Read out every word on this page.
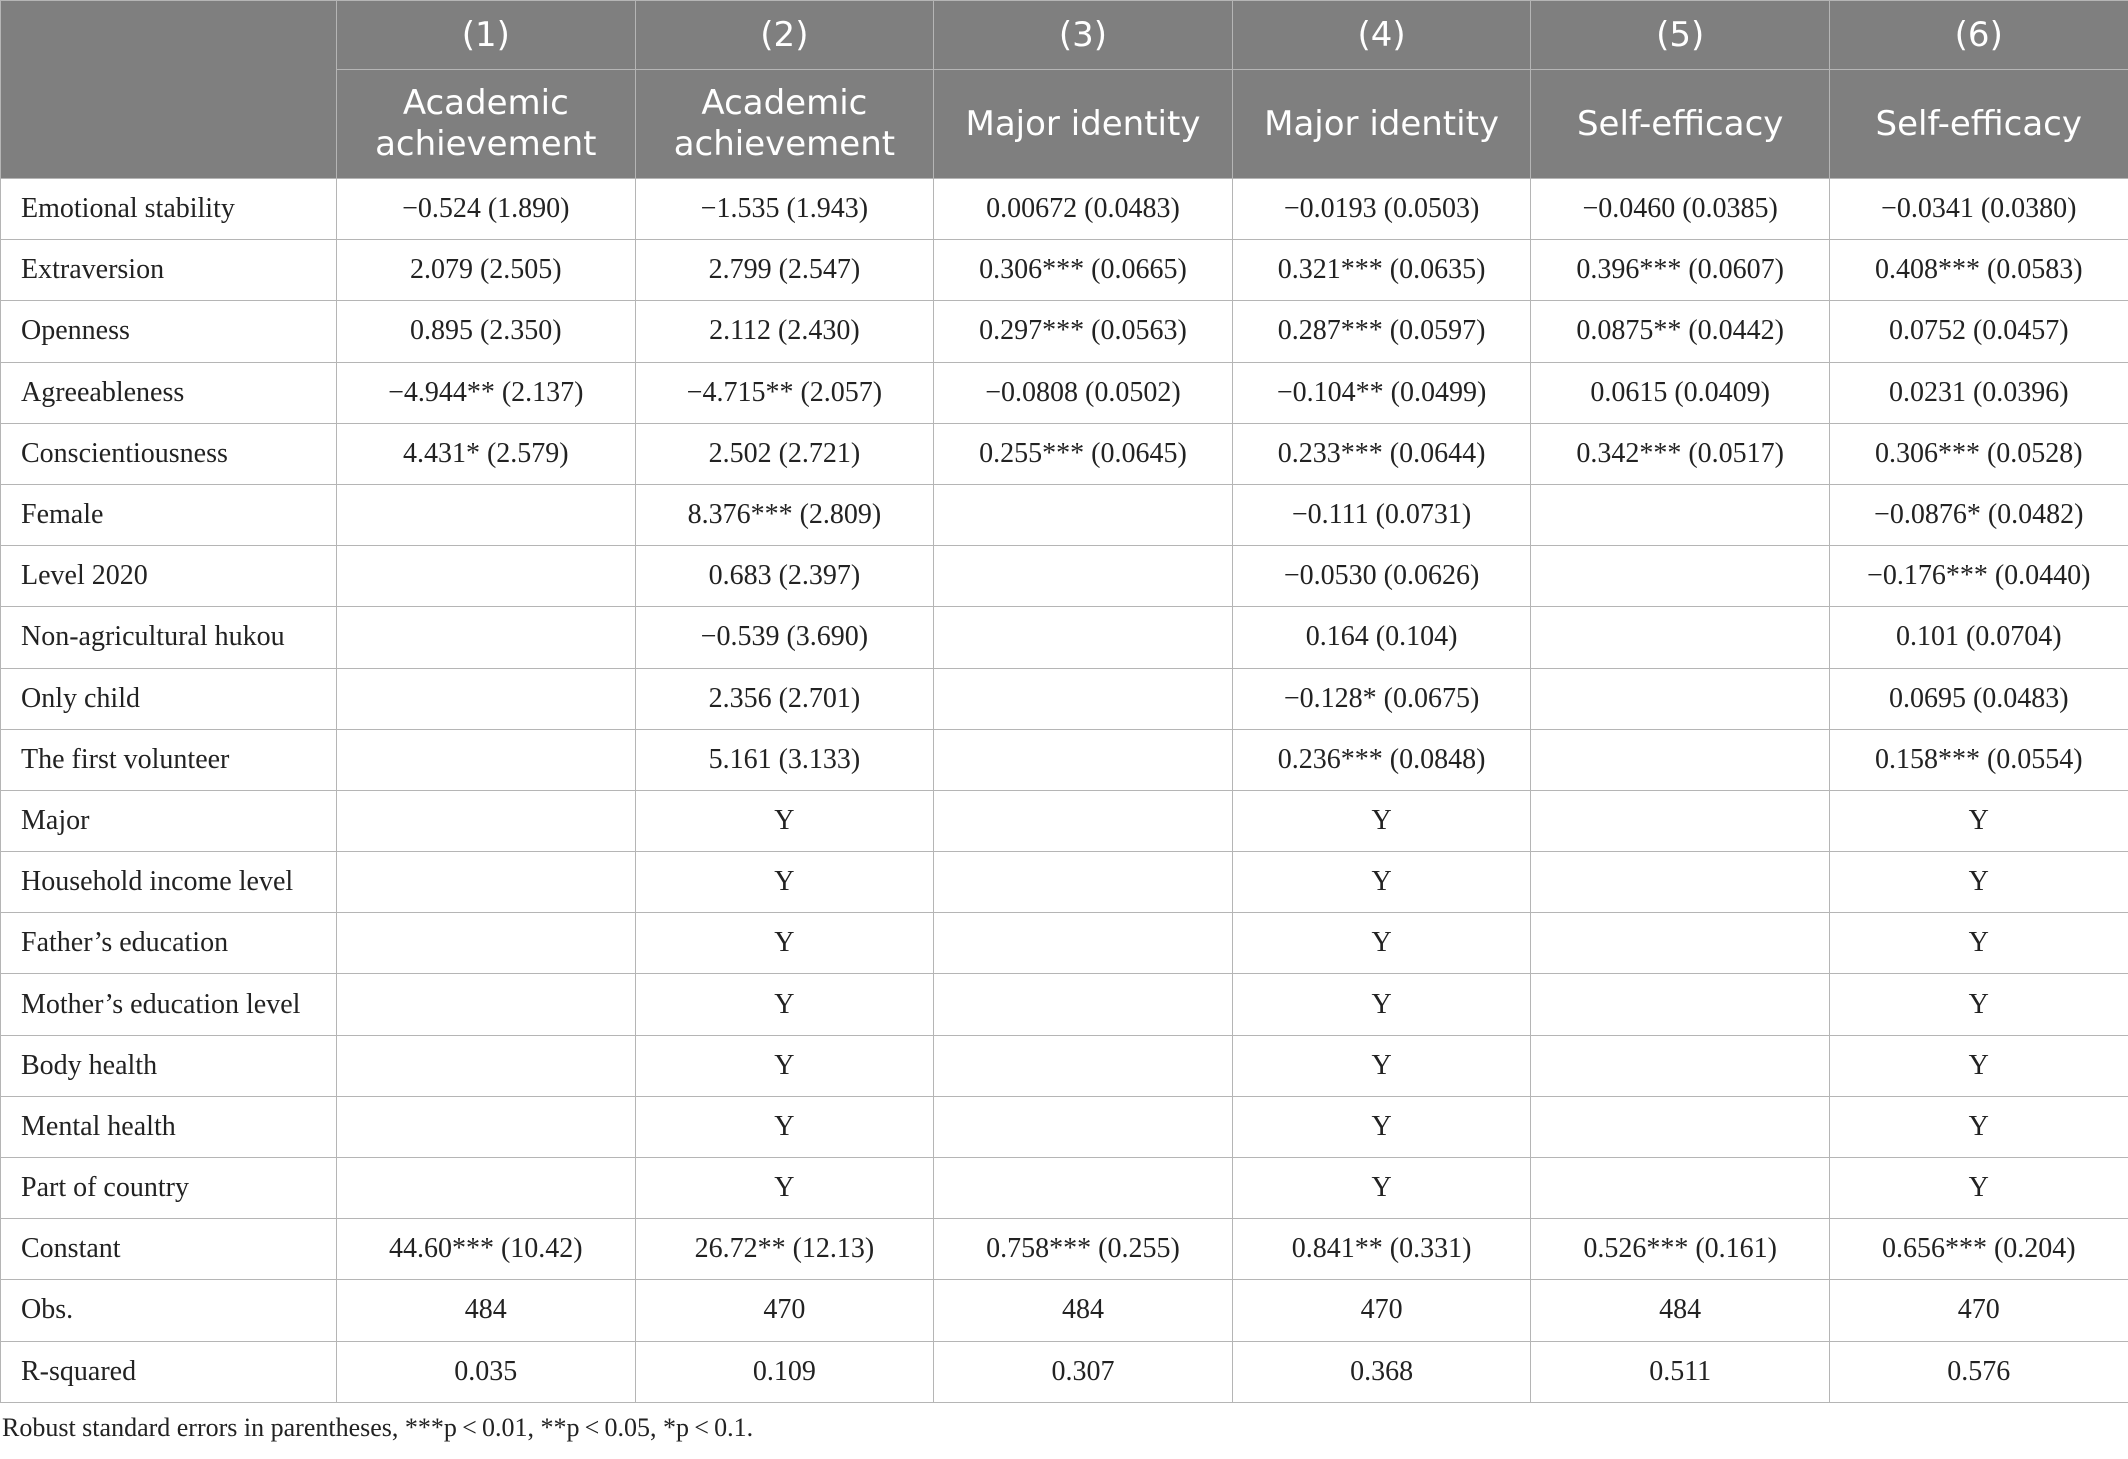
	(1)	(2)	(3)	(4)	(5)	(6)
	Academic achievement	Academic achievement	Major identity	Major identity	Self-efficacy	Self-efficacy
Emotional stability	−0.524 (1.890)	−1.535 (1.943)	0.00672 (0.0483)	−0.0193 (0.0503)	−0.0460 (0.0385)	−0.0341 (0.0380)
Extraversion	2.079 (2.505)	2.799 (2.547)	0.306*** (0.0665)	0.321*** (0.0635)	0.396*** (0.0607)	0.408*** (0.0583)
Openness	0.895 (2.350)	2.112 (2.430)	0.297*** (0.0563)	0.287*** (0.0597)	0.0875** (0.0442)	0.0752 (0.0457)
Agreeableness	−4.944** (2.137)	−4.715** (2.057)	−0.0808 (0.0502)	−0.104** (0.0499)	0.0615 (0.0409)	0.0231 (0.0396)
Conscientiousness	4.431* (2.579)	2.502 (2.721)	0.255*** (0.0645)	0.233*** (0.0644)	0.342*** (0.0517)	0.306*** (0.0528)
Female		8.376*** (2.809)		−0.111 (0.0731)		−0.0876* (0.0482)
Level 2020		0.683 (2.397)		−0.0530 (0.0626)		−0.176*** (0.0440)
Non-agricultural hukou		−0.539 (3.690)		0.164 (0.104)		0.101 (0.0704)
Only child		2.356 (2.701)		−0.128* (0.0675)		0.0695 (0.0483)
The first volunteer		5.161 (3.133)		0.236*** (0.0848)		0.158*** (0.0554)
Major		Y		Y		Y
Household income level		Y		Y		Y
Father’s education		Y		Y		Y
Mother’s education level		Y		Y		Y
Body health		Y		Y		Y
Mental health		Y		Y		Y
Part of country		Y		Y		Y
Constant	44.60*** (10.42)	26.72** (12.13)	0.758*** (0.255)	0.841** (0.331)	0.526*** (0.161)	0.656*** (0.204)
Obs.	484	470	484	470	484	470
R-squared	0.035	0.109	0.307	0.368	0.511	0.576
Robust standard errors in parentheses, ***p < 0.01, **p < 0.05, *p < 0.1.
